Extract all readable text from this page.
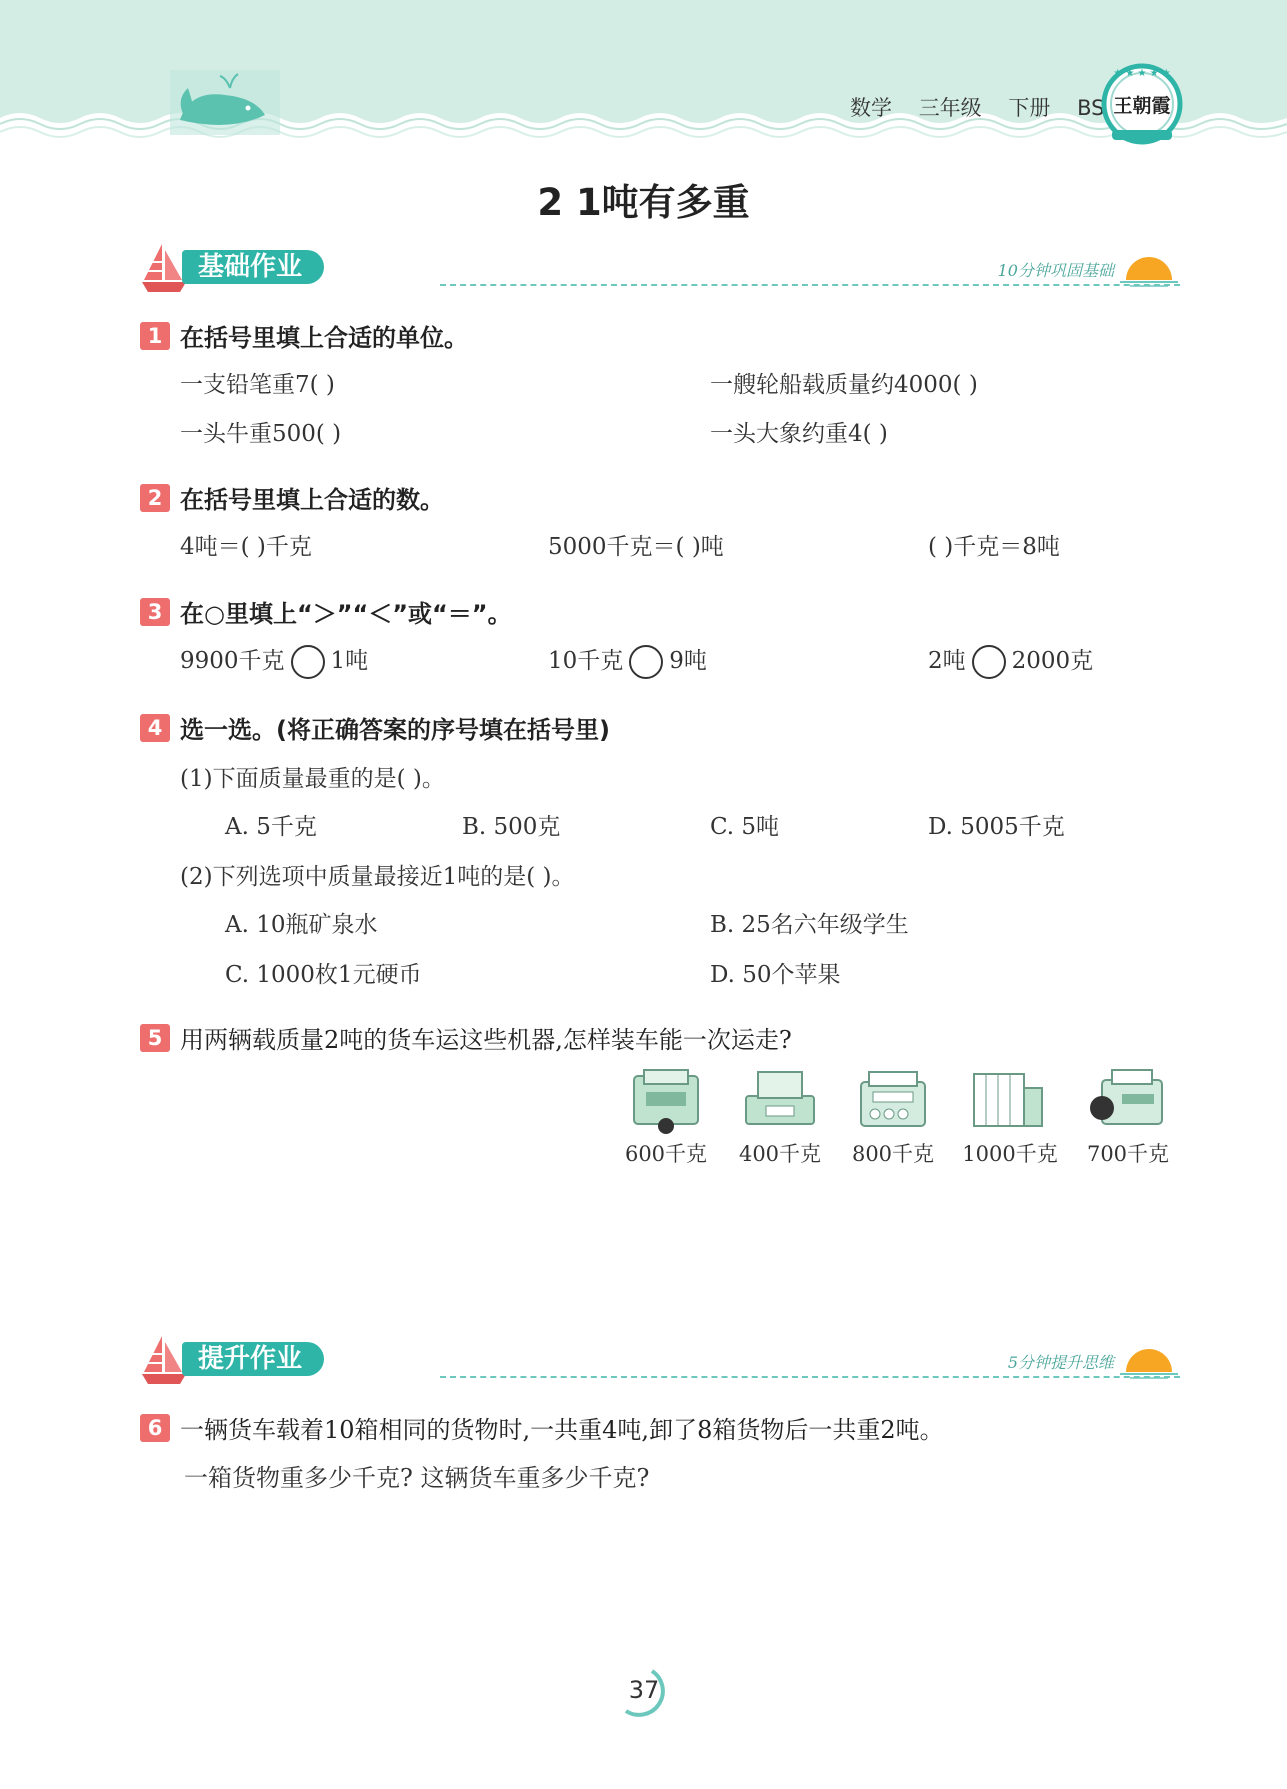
数学 三年级 下册 BS
★ ★ ★ ★ ★
王朝霞
2 1吨有多重
基础作业	10分钟巩固基础
1 在括号里填上合适的单位。
一支铅笔重7( )	一艘轮船载质量约4000( )
一头牛重500( )	一头大象约重4( )
2 在括号里填上合适的数。
4吨＝( )千克	5000千克＝( )吨	( )千克＝8吨
3 在○里填上“＞”“＜”或“＝”。
9900千克 1吨	10千克 9吨	2吨 2000克
4 选一选。(将正确答案的序号填在括号里)
(1)下面质量最重的是( )。
A. 5千克	B. 500克	C. 5吨	D. 5005千克
(2)下列选项中质量最接近1吨的是( )。
A. 10瓶矿泉水	B. 25名六年级学生
C. 1000枚1元硬币	D. 50个苹果
5 用两辆载质量2吨的货车运这些机器,怎样装车能一次运走?
600千克	400千克	800千克	1000千克	700千克
提升作业	5分钟提升思维
6 一辆货车载着10箱相同的货物时,一共重4吨,卸了8箱货物后一共重2吨。
一箱货物重多少千克? 这辆货车重多少千克?
37
